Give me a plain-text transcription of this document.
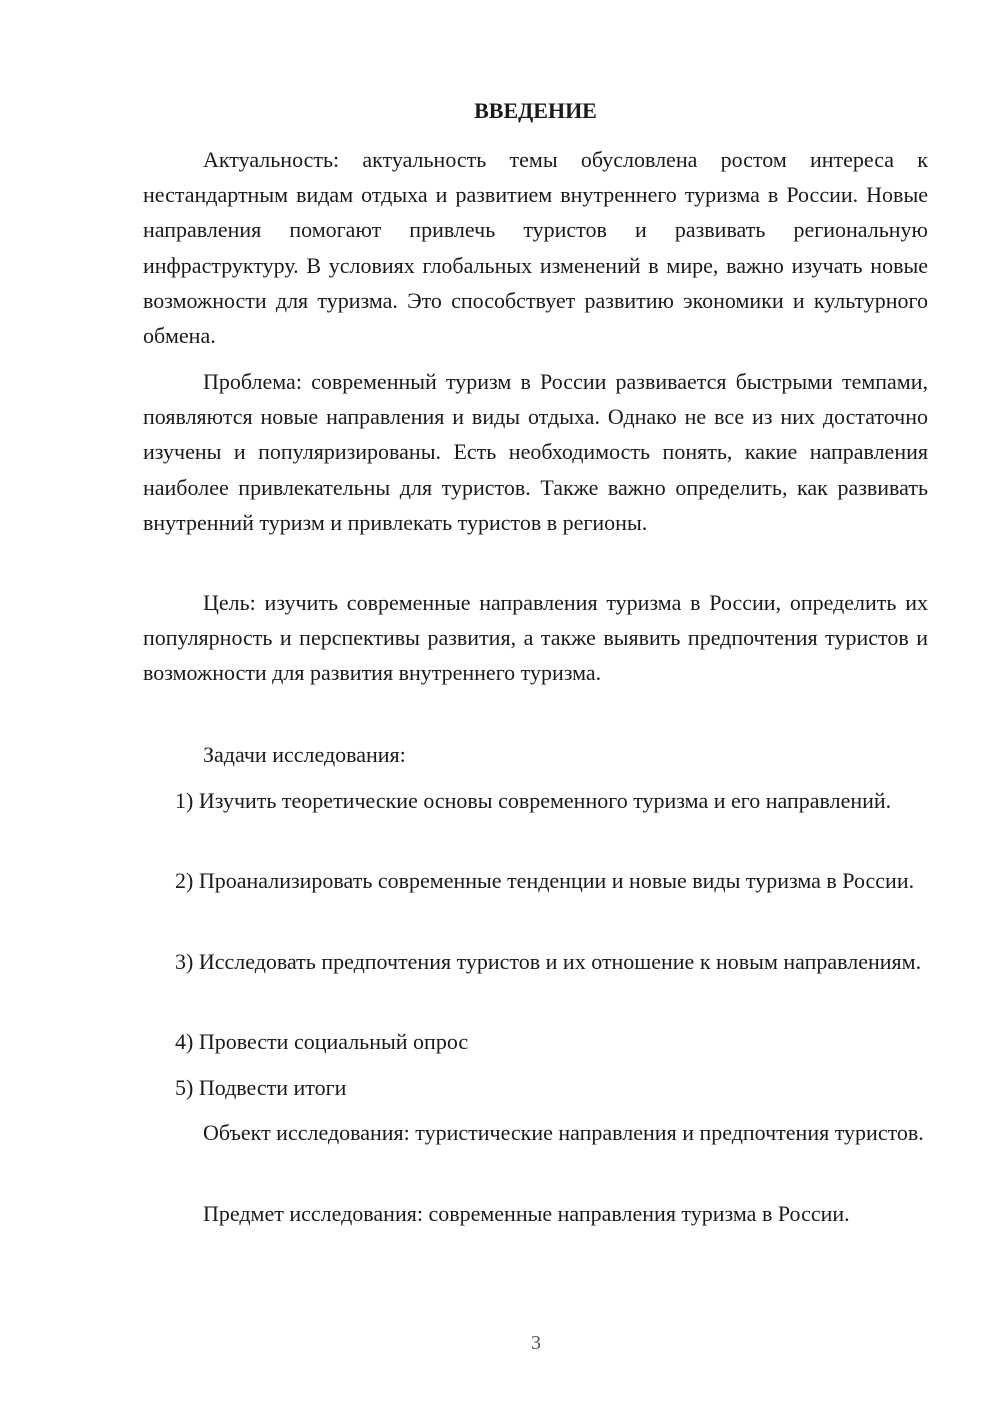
ВВЕДЕНИЕ

Актуальность: актуальность темы обусловлена ростом интереса к нестандартным видам отдыха и развитием внутреннего туризма в России. Новые направления помогают привлечь туристов и развивать региональную инфраструктуру. В условиях глобальных изменений в мире, важно изучать новые возможности для туризма. Это способствует развитию экономики и культурного обмена.

Проблема: современный туризм в России развивается быстрыми темпами, появляются новые направления и виды отдыха. Однако не все из них достаточно изучены и популяризированы. Есть необходимость понять, какие направления наиболее привлекательны для туристов. Также важно определить, как развивать внутренний туризм и привлекать туристов в регионы.

Цель: изучить современные направления туризма в России, определить их популярность и перспективы развития, а также выявить предпочтения туристов и возможности для развития внутреннего туризма.

Задачи исследования:

1) Изучить теоретические основы современного туризма и его направлений.

2) Проанализировать современные тенденции и новые виды туризма в России.

3) Исследовать предпочтения туристов и их отношение к новым направлениям.

4) Провести социальный опрос

5) Подвести итоги

Объект исследования: туристические направления и предпочтения туристов.

Предмет исследования: современные направления туризма в России.

3
